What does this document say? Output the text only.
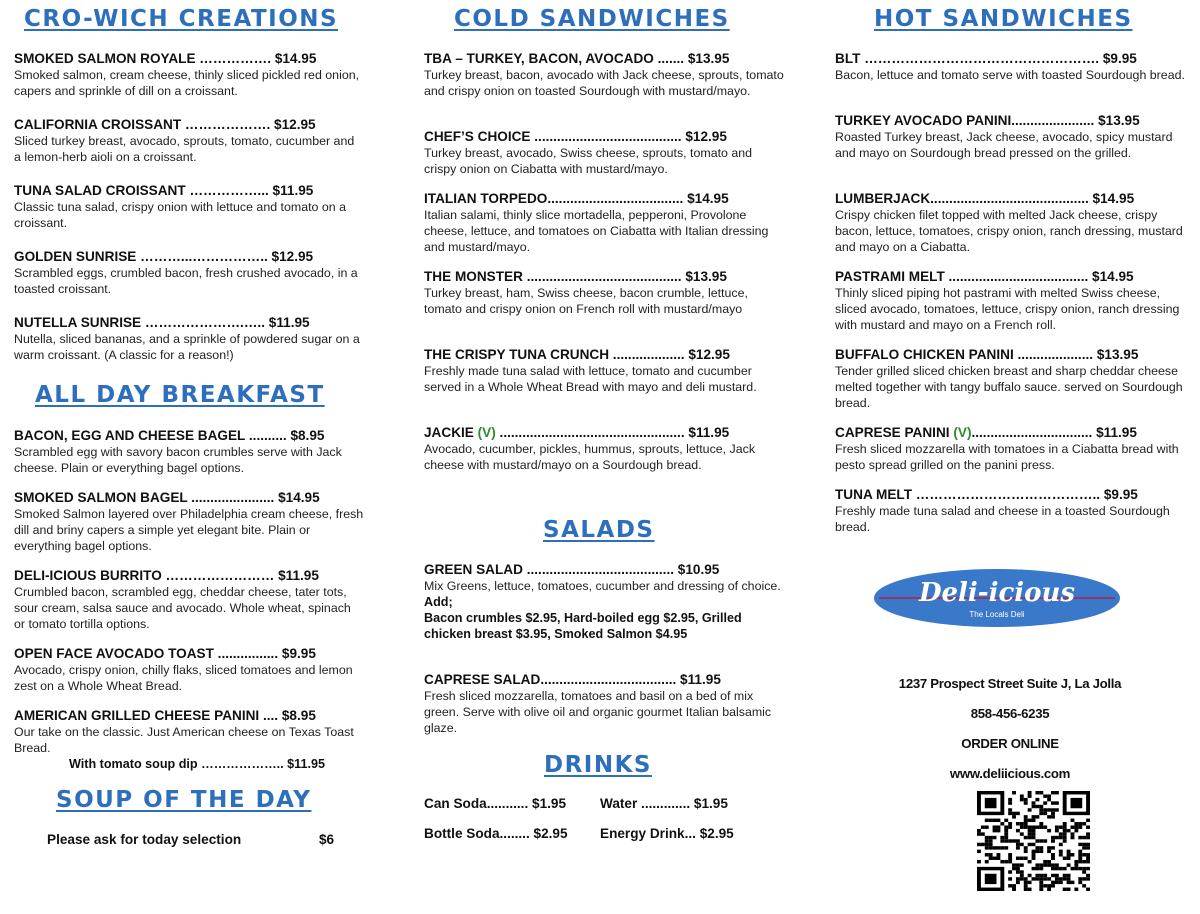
CRO-WICH CREATIONS
SMOKED SALMON ROYALE ……………. $14.95
Smoked salmon, cream cheese, thinly sliced pickled red onion, capers and sprinkle of dill on a croissant.
CALIFORNIA CROISSANT ………………. $12.95
Sliced turkey breast, avocado, sprouts, tomato, cucumber and a lemon-herb aioli on a croissant.
TUNA SALAD CROISSANT ……………... $11.95
Classic tuna salad, crispy onion with lettuce and tomato on a croissant.
GOLDEN SUNRISE ………...…………….. $12.95
Scrambled eggs, crumbled bacon, fresh crushed avocado, in a toasted croissant.
NUTELLA SUNRISE ………………….….. $11.95
Nutella, sliced bananas, and a sprinkle of powdered sugar on a warm croissant. (A classic for a reason!)
ALL DAY BREAKFAST
BACON, EGG AND CHEESE BAGEL .......... $8.95
Scrambled egg with savory bacon crumbles serve with Jack cheese. Plain or everything bagel options.
SMOKED SALMON BAGEL ...................... $14.95
Smoked Salmon layered over Philadelphia cream cheese, fresh dill and briny capers a simple yet elegant bite. Plain or everything bagel options.
DELI-ICIOUS BURRITO …………………… $11.95
Crumbled bacon, scrambled egg, cheddar cheese, tater tots, sour cream, salsa sauce and avocado. Whole wheat, spinach or tomato tortilla options.
OPEN FACE AVOCADO TOAST ................ $9.95
Avocado, crispy onion, chilly flaks, sliced tomatoes and lemon zest on a Whole Wheat Bread.
AMERICAN GRILLED CHEESE PANINI .... $8.95
Our take on the classic. Just American cheese on Texas Toast Bread.
With tomato soup dip ……………….. $11.95
SOUP OF THE DAY
Please ask for today selection	$6
COLD SANDWICHES
TBA – TURKEY, BACON, AVOCADO ....... $13.95
Turkey breast, bacon, avocado with Jack cheese, sprouts, tomato and crispy onion on toasted Sourdough with mustard/mayo.
CHEF’S CHOICE ....................................... $12.95
Turkey breast, avocado, Swiss cheese, sprouts, tomato and crispy onion on Ciabatta with mustard/mayo.
ITALIAN TORPEDO.................................... $14.95
Italian salami, thinly slice mortadella, pepperoni, Provolone cheese, lettuce, and tomatoes on Ciabatta with Italian dressing and mustard/mayo.
THE MONSTER ......................................... $13.95
Turkey breast, ham, Swiss cheese, bacon crumble, lettuce, tomato and crispy onion on French roll with mustard/mayo
THE CRISPY TUNA CRUNCH ................... $12.95
Freshly made tuna salad with lettuce, tomato and cucumber served in a Whole Wheat Bread with mayo and deli mustard.
JACKIE (V) ................................................. $11.95
Avocado, cucumber, pickles, hummus, sprouts, lettuce, Jack cheese with mustard/mayo on a Sourdough bread.
SALADS
GREEN SALAD ....................................... $10.95
Mix Greens, lettuce, tomatoes, cucumber and dressing of choice.
Add;
Bacon crumbles $2.95, Hard-boiled egg $2.95, Grilled chicken breast $3.95, Smoked Salmon $4.95
CAPRESE SALAD.................................... $11.95
Fresh sliced mozzarella, tomatoes and basil on a bed of mix green. Serve with olive oil and organic gourmet Italian balsamic glaze.
DRINKS
Can Soda........... $1.95 Water ............. $1.95
Bottle Soda........ $2.95 Energy Drink... $2.95
HOT SANDWICHES
BLT ……………………………………………. $9.95
Bacon, lettuce and tomato serve with toasted Sourdough bread.
TURKEY AVOCADO PANINI...................... $13.95
Roasted Turkey breast, Jack cheese, avocado, spicy mustard and mayo on Sourdough bread pressed on the grilled.
LUMBERJACK.......................................... $14.95
Crispy chicken filet topped with melted Jack cheese, crispy bacon, lettuce, tomatoes, crispy onion, ranch dressing, mustard and mayo on a Ciabatta.
PASTRAMI MELT ..................................... $14.95
Thinly sliced piping hot pastrami with melted Swiss cheese, sliced avocado, tomatoes, lettuce, crispy onion, ranch dressing with mustard and mayo on a French roll.
BUFFALO CHICKEN PANINI .................... $13.95
Tender grilled sliced chicken breast and sharp cheddar cheese melted together with tangy buffalo sauce. served on Sourdough bread.
CAPRESE PANINI (V)................................ $11.95
Fresh sliced mozzarella with tomatoes in a Ciabatta bread with pesto spread grilled on the panini press.
TUNA MELT ………………………………….. $9.95
Freshly made tuna salad and cheese in a toasted Sourdough bread.
Deli-icious
The Locals Deli
1237 Prospect Street Suite J, La Jolla
858-456-6235
ORDER ONLINE
www.deliicious.com
